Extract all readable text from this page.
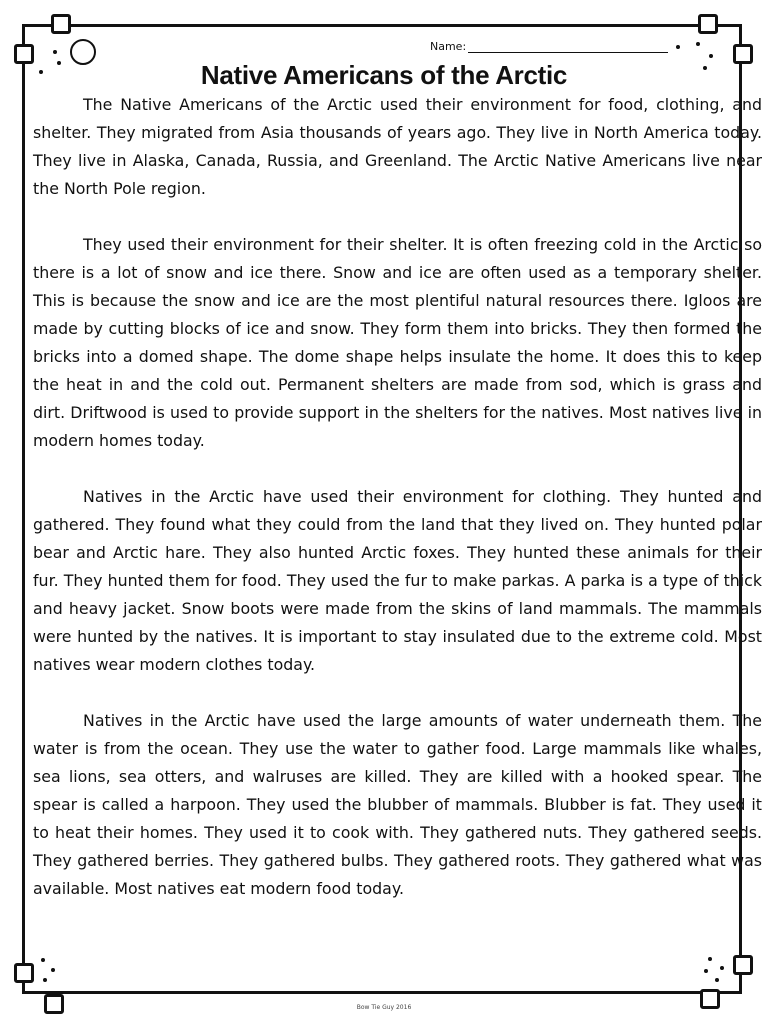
Name:
Native Americans of the Arctic

The Native Americans of the Arctic used their environment for food, clothing, and shelter. They migrated from Asia thousands of years ago. They live in North America today. They live in Alaska, Canada, Russia, and Greenland. The Arctic Native Americans live near the North Pole region.

They used their environment for their shelter. It is often freezing cold in the Arctic so there is a lot of snow and ice there. Snow and ice are often used as a temporary shelter. This is because the snow and ice are the most plentiful natural resources there. Igloos are made by cutting blocks of ice and snow. They form them into bricks. They then formed the bricks into a domed shape. The dome shape helps insulate the home. It does this to keep the heat in and the cold out. Permanent shelters are made from sod, which is grass and dirt. Driftwood is used to provide support in the shelters for the natives. Most natives live in modern homes today.

Natives in the Arctic have used their environment for clothing. They hunted and gathered. They found what they could from the land that they lived on. They hunted polar bear and Arctic hare. They also hunted Arctic foxes. They hunted these animals for their fur. They hunted them for food. They used the fur to make parkas. A parka is a type of thick and heavy jacket. Snow boots were made from the skins of land mammals. The mammals were hunted by the natives. It is important to stay insulated due to the extreme cold. Most natives wear modern clothes today.

Natives in the Arctic have used the large amounts of water underneath them. The water is from the ocean. They use the water to gather food. Large mammals like whales, sea lions, sea otters, and walruses are killed. They are killed with a hooked spear. The spear is called a harpoon. They used the blubber of mammals. Blubber is fat. They used it to heat their homes. They used it to cook with. They gathered nuts. They gathered seeds. They gathered berries. They gathered bulbs. They gathered roots. They gathered what was available. Most natives eat modern food today.

Bow Tie Guy 2016
